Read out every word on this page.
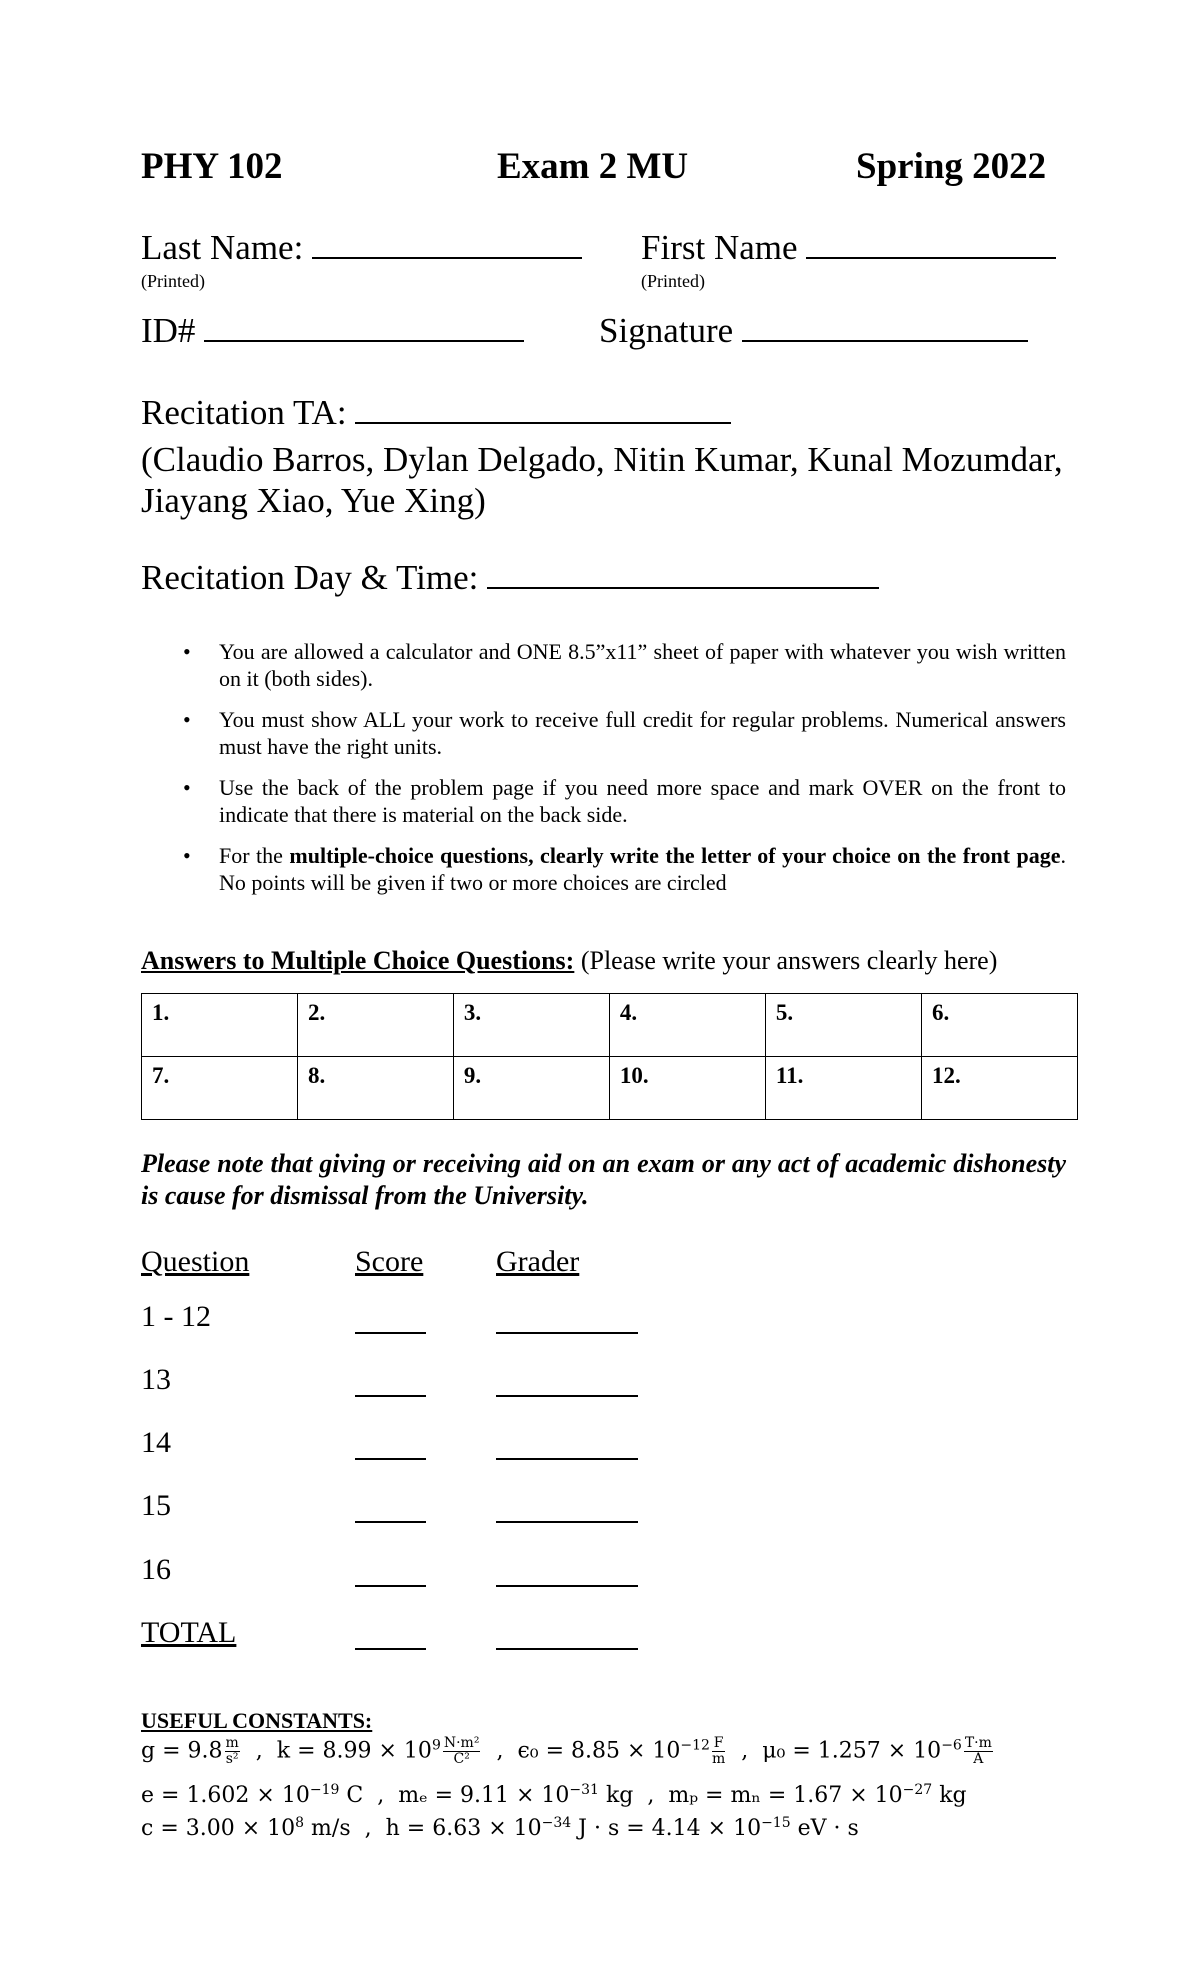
PHY 102	Exam 2 MU	Spring 2022
Last Name:
(Printed)
First Name
(Printed)
ID#	Signature
Recitation TA:
(Claudio Barros, Dylan Delgado, Nitin Kumar, Kunal Mozumdar, Jiayang Xiao, Yue Xing)
Recitation Day & Time:
• You are allowed a calculator and ONE 8.5”x11” sheet of paper with whatever you wish written on it (both sides).
• You must show ALL your work to receive full credit for regular problems. Numerical answers must have the right units.
• Use the back of the problem page if you need more space and mark OVER on the front to indicate that there is material on the back side.
• For the multiple-choice questions, clearly write the letter of your choice on the front page. No points will be given if two or more choices are circled
Answers to Multiple Choice Questions: (Please write your answers clearly here)
1.	2.	3.	4.	5.	6.
7.	8.	9.	10.	11.	12.
Please note that giving or receiving aid on an exam or any act of academic dishonesty is cause for dismissal from the University.
Question	Score Grader
1 - 12
13
14
15
16
TOTAL
USEFUL CONSTANTS:
$g = 9.8 \frac{m}{\text{s²}}$ , $k = 8.99 \times 10^9 \frac{\text{N·m²}}{\text{C²}}$ , $\epsilon_0 = 8.85 \times 10^{-12} \frac{F}{m}$ , $\mu_0 = 1.257 \times 10^{-6} \frac{T\cdot m}{A}$
$e = 1.602 \times 10^{-19}$ C , $m_e = 9.11 \times 10^{-31}$ kg , $m_p = m_n = 1.67 \times 10^{-27}$ kg
$c = 3.00 \times 10^8$ m/s , $h = 6.63 \times 10^{-34}$ $J \cdot s = 4.14 \times 10^{-15}$ eV · s
